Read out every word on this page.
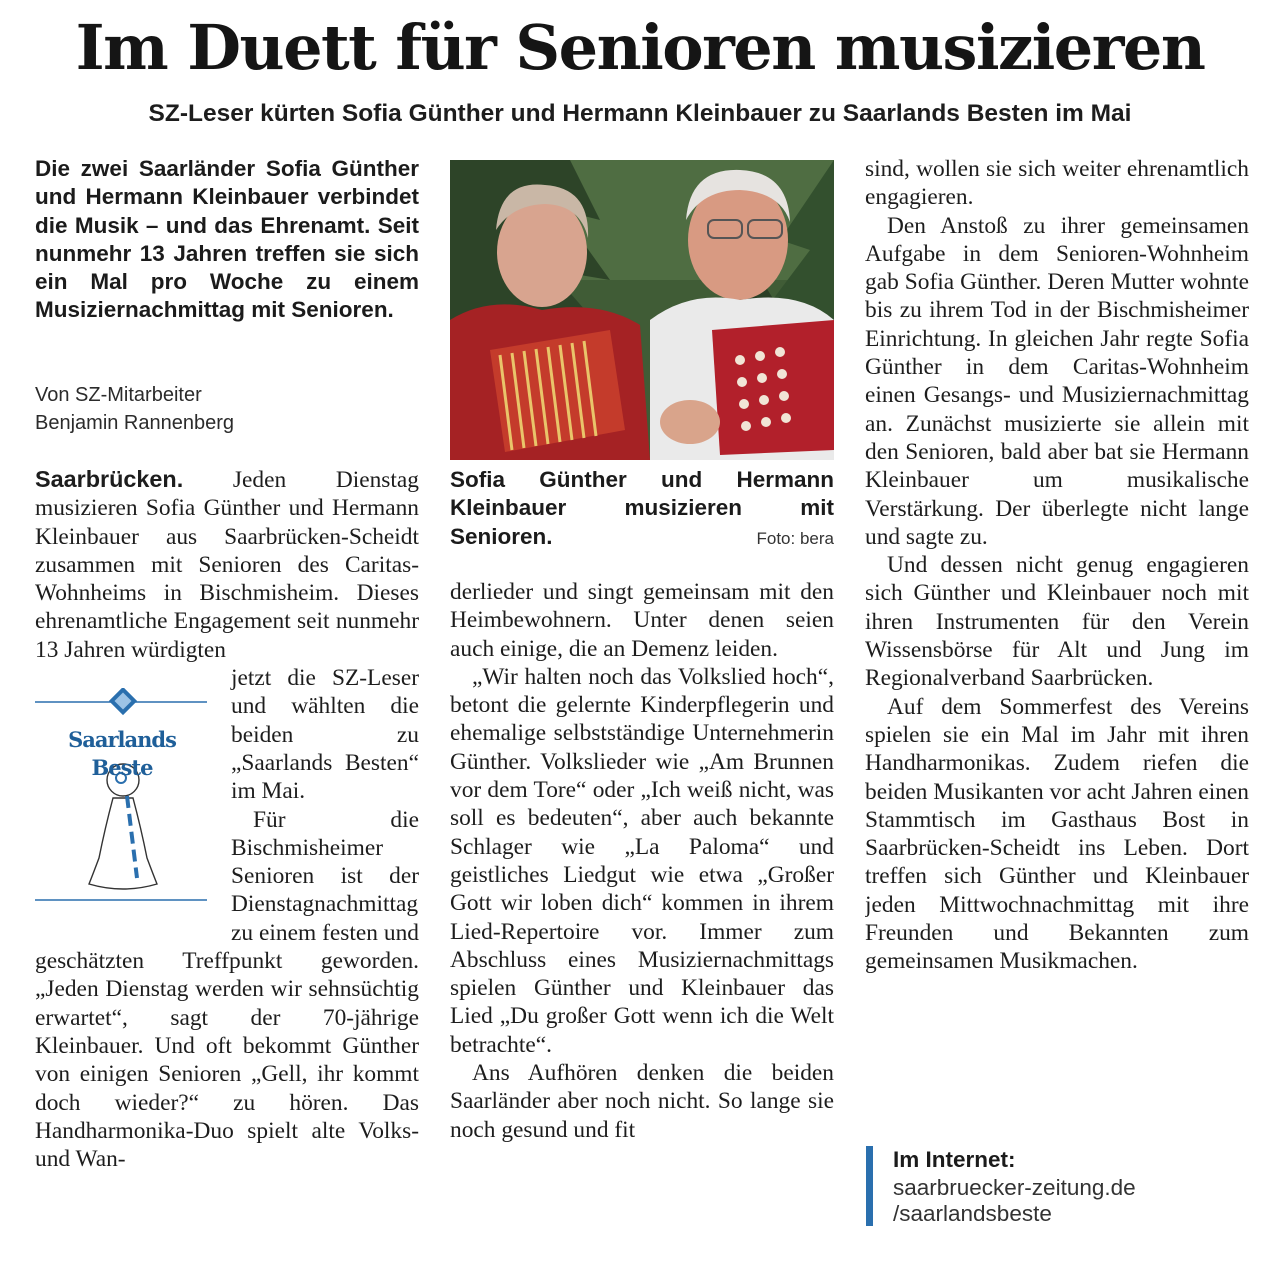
Im Duett für Senioren musizieren
SZ-Leser kürten Sofia Günther und Hermann Kleinbauer zu Saarlands Besten im Mai
Die zwei Saarländer Sofia Günther und Hermann Kleinbauer verbindet die Musik – und das Ehrenamt. Seit nunmehr 13 Jahren treffen sie sich ein Mal pro Woche zu einem Musiziernachmittag mit Senioren.
Von SZ-Mitarbeiter
Benjamin Rannenberg

Saarbrücken. Jeden Dienstag musizieren Sofia Günther und Hermann Kleinbauer aus Saarbrücken-Scheidt zusammen mit Senioren des Caritas-Wohnheims in Bischmisheim. Dieses ehrenamtliche Engagement seit nunmehr 13 Jahren würdigten

Saarlands Beste

jetzt die SZ-Leser und wählten die beiden zu „Saarlands Besten“ im Mai.

Für die Bischmisheimer Senioren ist der Dienstagnachmittag zu einem festen und geschätzten Treffpunkt geworden. „Jeden Dienstag werden wir sehnsüchtig erwartet“, sagt der 70-jährige Kleinbauer. Und oft bekommt Günther von einigen Senioren „Gell, ihr kommt doch wieder?“ zu hören. Das Handharmonika-Duo spielt alte Volks- und Wan-

Sofia Günther und Hermann Kleinbauer musizieren mit Senioren.	Foto: bera

derlieder und singt gemeinsam mit den Heimbewohnern. Unter denen seien auch einige, die an Demenz leiden.

„Wir halten noch das Volkslied hoch“, betont die gelernte Kinderpflegerin und ehemalige selbstständige Unternehmerin Günther. Volkslieder wie „Am Brunnen vor dem Tore“ oder „Ich weiß nicht, was soll es bedeuten“, aber auch bekannte Schlager wie „La Paloma“ und geistliches Liedgut wie etwa „Großer Gott wir loben dich“ kommen in ihrem Lied-Repertoire vor. Immer zum Abschluss eines Musiziernachmittags spielen Günther und Kleinbauer das Lied „Du großer Gott wenn ich die Welt betrachte“.

Ans Aufhören denken die beiden Saarländer aber noch nicht. So lange sie noch gesund und fit

sind, wollen sie sich weiter ehrenamtlich engagieren.

Den Anstoß zu ihrer gemeinsamen Aufgabe in dem Senioren-Wohnheim gab Sofia Günther. Deren Mutter wohnte bis zu ihrem Tod in der Bischmisheimer Einrichtung. In gleichen Jahr regte Sofia Günther in dem Caritas-Wohnheim einen Gesangs- und Musiziernachmittag an. Zunächst musizierte sie allein mit den Senioren, bald aber bat sie Hermann Kleinbauer um musikalische Verstärkung. Der überlegte nicht lange und sagte zu.

Und dessen nicht genug engagieren sich Günther und Kleinbauer noch mit ihren Instrumenten für den Verein Wissensbörse für Alt und Jung im Regionalverband Saarbrücken.

Auf dem Sommerfest des Vereins spielen sie ein Mal im Jahr mit ihren Handharmonikas. Zudem riefen die beiden Musikanten vor acht Jahren einen Stammtisch im Gasthaus Bost in Saarbrücken-Scheidt ins Leben. Dort treffen sich Günther und Kleinbauer jeden Mittwochnachmittag mit ihre Freunden und Bekannten zum gemeinsamen Musikmachen.

Im Internet:
saarbruecker-zeitung.de
/saarlandsbeste
